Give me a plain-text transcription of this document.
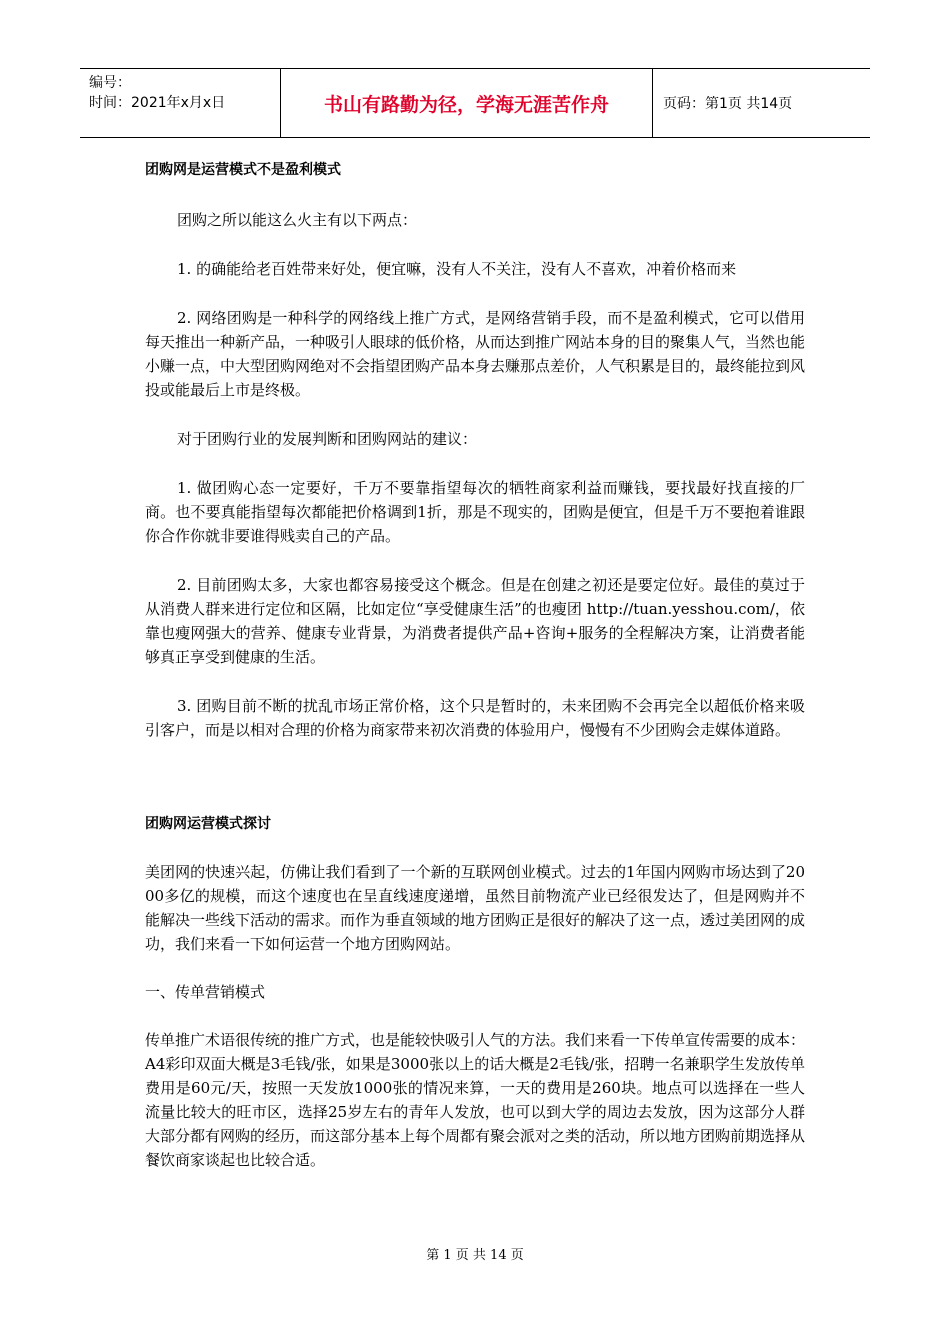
编号：
时间：2021年x月x日	书山有路勤为径，学海无涯苦作舟	页码：第1页 共14页

团购网是运营模式不是盈利模式

团购之所以能这么火主有以下两点：

1. 的确能给老百姓带来好处，便宜嘛，没有人不关注，没有人不喜欢，冲着价格而来

2. 网络团购是一种科学的网络线上推广方式，是网络营销手段，而不是盈利模式，它可以借用每天推出一种新产品，一种吸引人眼球的低价格，从而达到推广网站本身的目的聚集人气，当然也能小赚一点，中大型团购网绝对不会指望团购产品本身去赚那点差价，人气积累是目的，最终能拉到风投或能最后上市是终极。

对于团购行业的发展判断和团购网站的建议：

1. 做团购心态一定要好，千万不要靠指望每次的牺牲商家利益而赚钱，要找最好找直接的厂商。也不要真能指望每次都能把价格调到1折，那是不现实的，团购是便宜，但是千万不要抱着谁跟你合作你就非要谁得贱卖自己的产品。

2. 目前团购太多，大家也都容易接受这个概念。但是在创建之初还是要定位好。最佳的莫过于从消费人群来进行定位和区隔，比如定位“享受健康生活”的也瘦团 http://tuan.yesshou.com/，依靠也瘦网强大的营养、健康专业背景，为消费者提供产品+咨询+服务的全程解决方案，让消费者能够真正享受到健康的生活。

3. 团购目前不断的扰乱市场正常价格，这个只是暂时的，未来团购不会再完全以超低价格来吸引客户，而是以相对合理的价格为商家带来初次消费的体验用户，慢慢有不少团购会走媒体道路。

团购网运营模式探讨

美团网的快速兴起，仿佛让我们看到了一个新的互联网创业模式。过去的1年国内网购市场达到了2000多亿的规模，而这个速度也在呈直线速度递增，虽然目前物流产业已经很发达了，但是网购并不能解决一些线下活动的需求。而作为垂直领域的地方团购正是很好的解决了这一点，透过美团网的成功，我们来看一下如何运营一个地方团购网站。

一、传单营销模式

传单推广术语很传统的推广方式，也是能较快吸引人气的方法。我们来看一下传单宣传需要的成本：A4彩印双面大概是3毛钱/张，如果是3000张以上的话大概是2毛钱/张，招聘一名兼职学生发放传单费用是60元/天，按照一天发放1000张的情况来算，一天的费用是260块。地点可以选择在一些人流量比较大的旺市区，选择25岁左右的青年人发放，也可以到大学的周边去发放，因为这部分人群大部分都有网购的经历，而这部分基本上每个周都有聚会派对之类的活动，所以地方团购前期选择从餐饮商家谈起也比较合适。

第 1 页 共 14 页
